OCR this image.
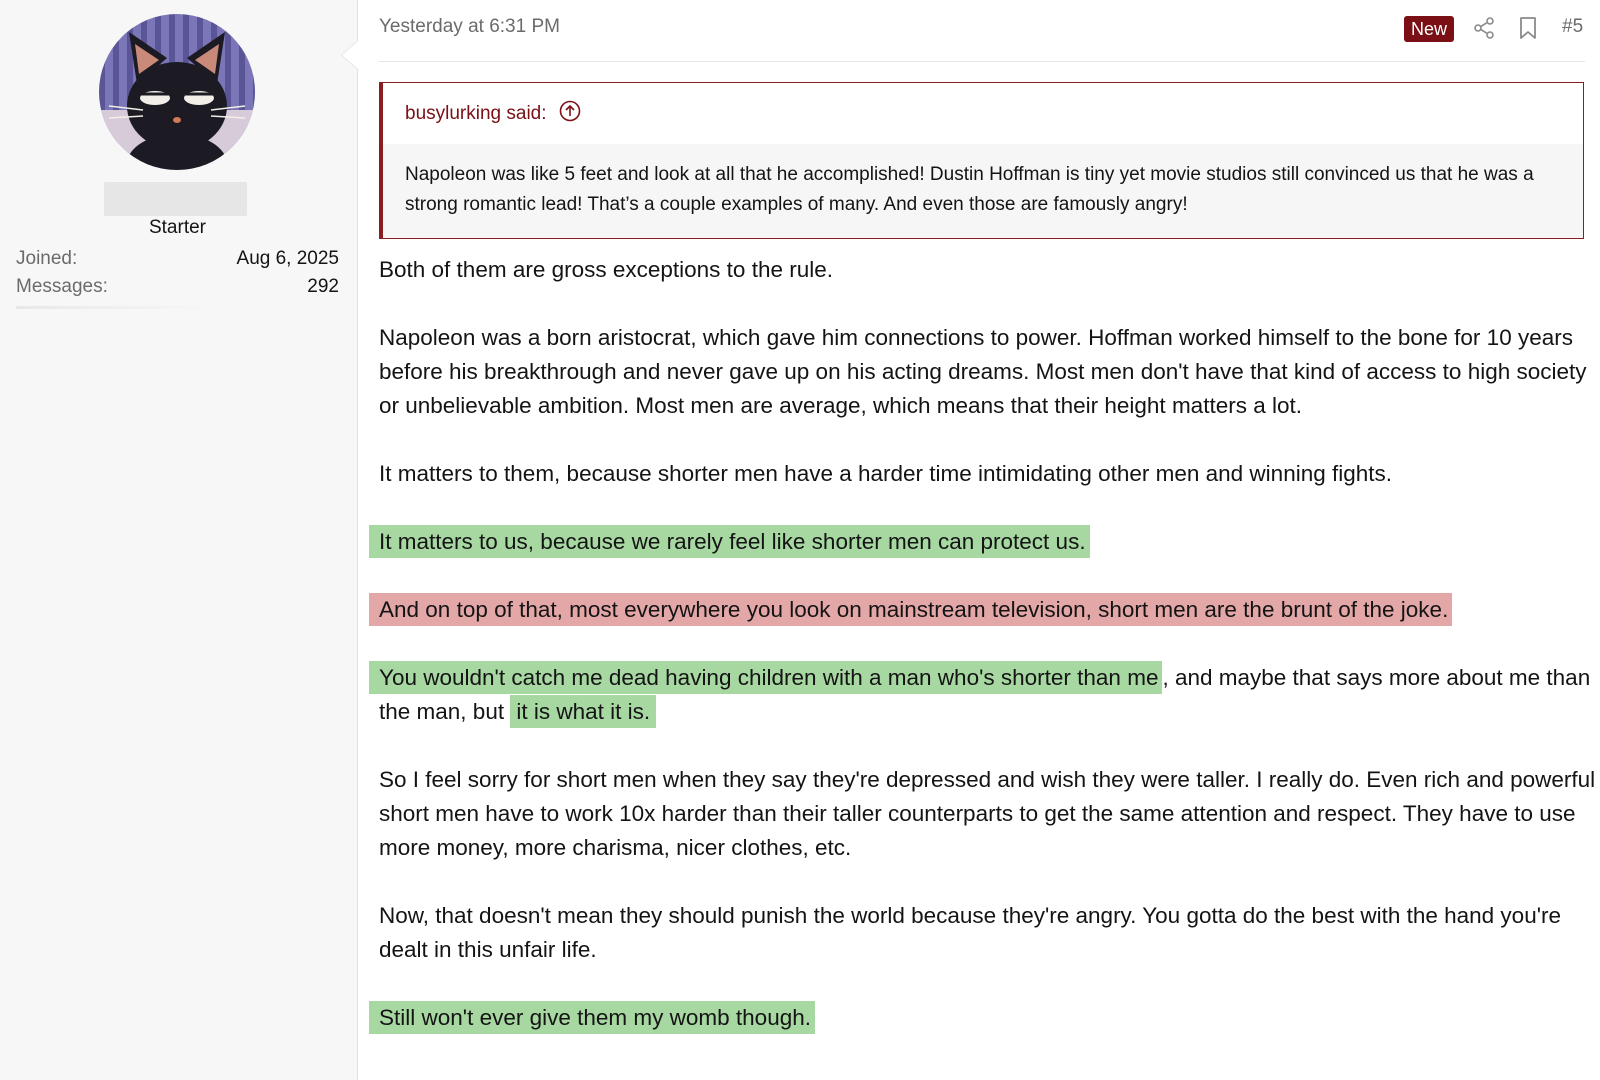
Starter
Joined:	Aug 6, 2025
Messages:	292
Yesterday at 6:31 PM	New	#5
busylurking said:
Napoleon was like 5 feet and look at all that he accomplished! Dustin Hoffman is tiny yet movie studios still convinced us that he was a strong romantic lead! That’s a couple examples of many. And even those are famously angry!

Both of them are gross exceptions to the rule.

Napoleon was a born aristocrat, which gave him connections to power. Hoffman worked himself to the bone for 10 years before his breakthrough and never gave up on his acting dreams. Most men don't have that kind of access to high society or unbelievable ambition. Most men are average, which means that their height matters a lot.

It matters to them, because shorter men have a harder time intimidating other men and winning fights.

It matters to us, because we rarely feel like shorter men can protect us.

And on top of that, most everywhere you look on mainstream television, short men are the brunt of the joke.

You wouldn't catch me dead having children with a man who's shorter than me , and maybe that says more about me than the man, but it is what it is.

So I feel sorry for short men when they say they're depressed and wish they were taller. I really do. Even rich and powerful short men have to work 10x harder than their taller counterparts to get the same attention and respect. They have to use more money, more charisma, nicer clothes, etc.

Now, that doesn't mean they should punish the world because they're angry. You gotta do the best with the hand you're dealt in this unfair life.

Still won't ever give them my womb though.
